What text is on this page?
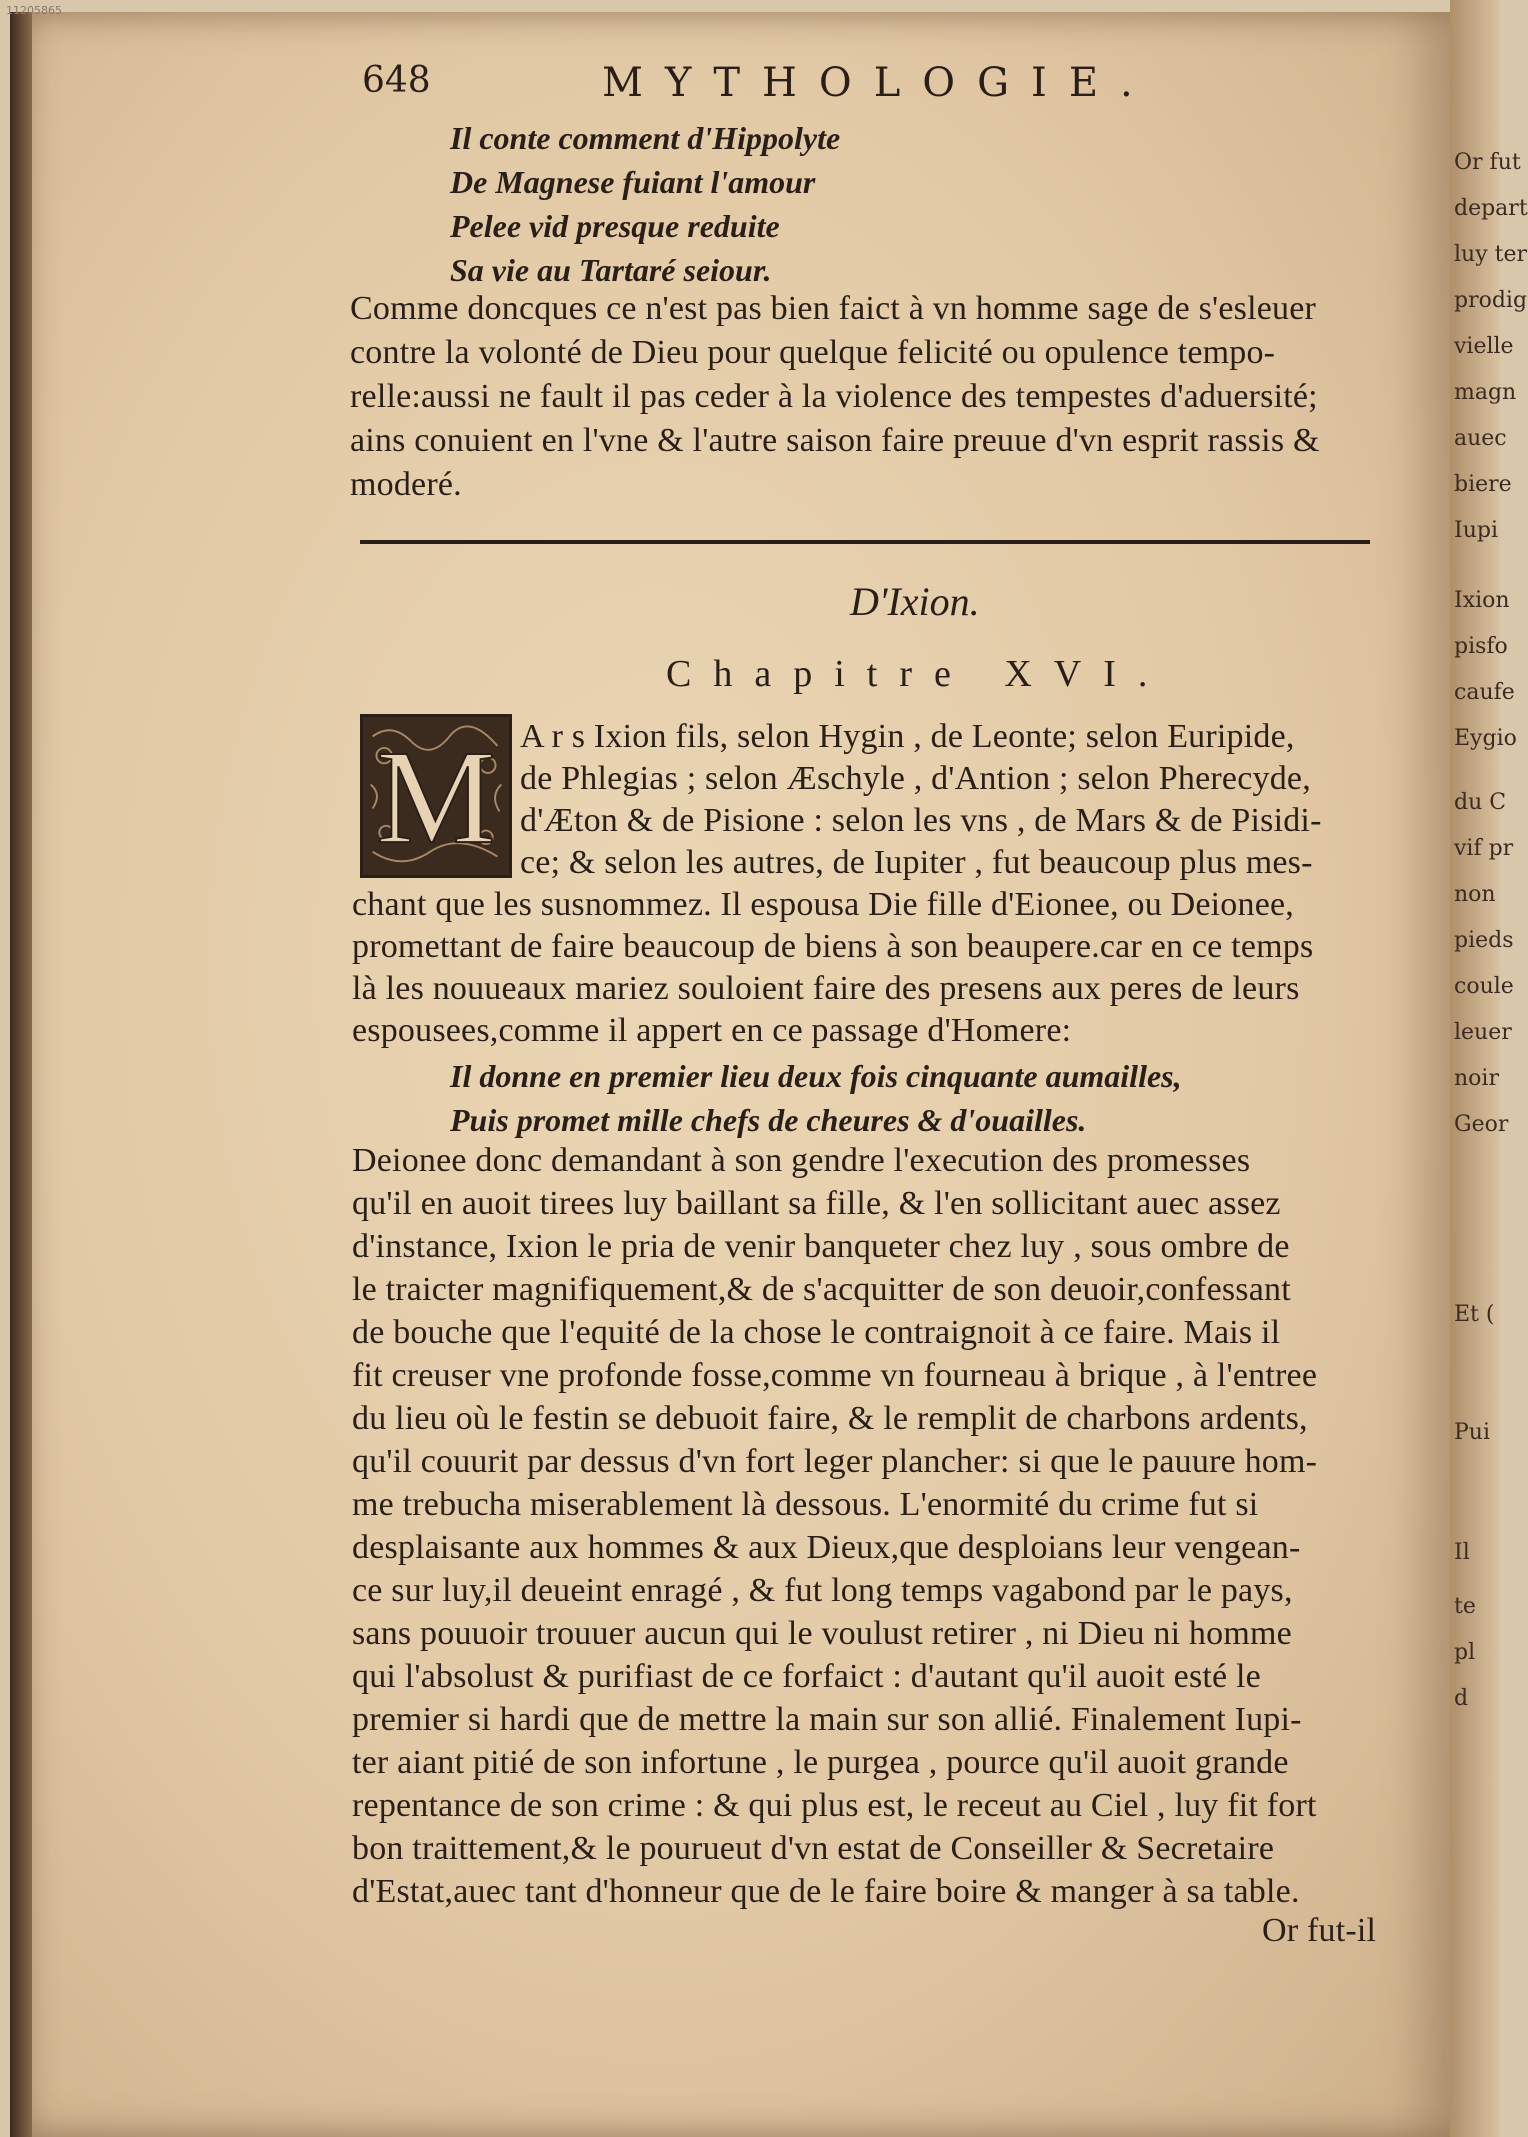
648	MYTHOLOGIE.
Il conte comment d'Hippolyte
De Magnese fuiant l'amour
Pelee vid presque reduite
Sa vie au Tartaré seiour.
Comme doncques ce n'est pas bien faict à vn homme sage de s'esleuer
contre la volonté de Dieu pour quelque felicité ou opulence tempo-
relle:aussi ne fault il pas ceder à la violence des tempestes d'aduersité;
ains conuient en l'vne & l'autre saison faire preuue d'vn esprit rassis &
moderé.
D'Ixion.
Chapitre XVI.
M A r s Ixion fils, selon Hygin , de Leonte; selon Euripide,
de Phlegias ; selon Æschyle , d'Antion ; selon Pherecyde,
d'Æton & de Pisione : selon les vns , de Mars & de Pisidi-
ce; & selon les autres, de Iupiter , fut beaucoup plus mes-
chant que les susnommez. Il espousa Die fille d'Eionee, ou Deionee,
promettant de faire beaucoup de biens à son beaupere.car en ce temps
là les nouueaux mariez souloient faire des presens aux peres de leurs
espousees,comme il appert en ce passage d'Homere:
Il donne en premier lieu deux fois cinquante aumailles,
Puis promet mille chefs de cheures & d'ouailles.
Deionee donc demandant à son gendre l'execution des promesses
qu'il en auoit tirees luy baillant sa fille, & l'en sollicitant auec assez
d'instance, Ixion le pria de venir banqueter chez luy , sous ombre de
le traicter magnifiquement,& de s'acquitter de son deuoir,confessant
de bouche que l'equité de la chose le contraignoit à ce faire. Mais il
fit creuser vne profonde fosse,comme vn fourneau à brique , à l'entree
du lieu où le festin se debuoit faire, & le remplit de charbons ardents,
qu'il couurit par dessus d'vn fort leger plancher: si que le pauure hom-
me trebucha miserablement là dessous. L'enormité du crime fut si
desplaisante aux hommes & aux Dieux,que desploians leur vengean-
ce sur luy,il deueint enragé , & fut long temps vagabond par le pays,
sans pouuoir trouuer aucun qui le voulust retirer , ni Dieu ni homme
qui l'absolust & purifiast de ce forfaict : d'autant qu'il auoit esté le
premier si hardi que de mettre la main sur son allié. Finalement Iupi-
ter aiant pitié de son infortune , le purgea , pource qu'il auoit grande
repentance de son crime : & qui plus est, le receut au Ciel , luy fit fort
bon traittement,& le pourueut d'vn estat de Conseiller & Secretaire
d'Estat,auec tant d'honneur que de le faire boire & manger à sa table.
Or fut-il
11205865
Or fut
depart
luy ter
prodig
vielle
magn
auec
biere
Iupi
Ixion
pisfo
caufe
Eygio
du C
vif pr
non
pieds
coule
leuer
noir
Geor
Et (
Pui
Il
te
pl
d
